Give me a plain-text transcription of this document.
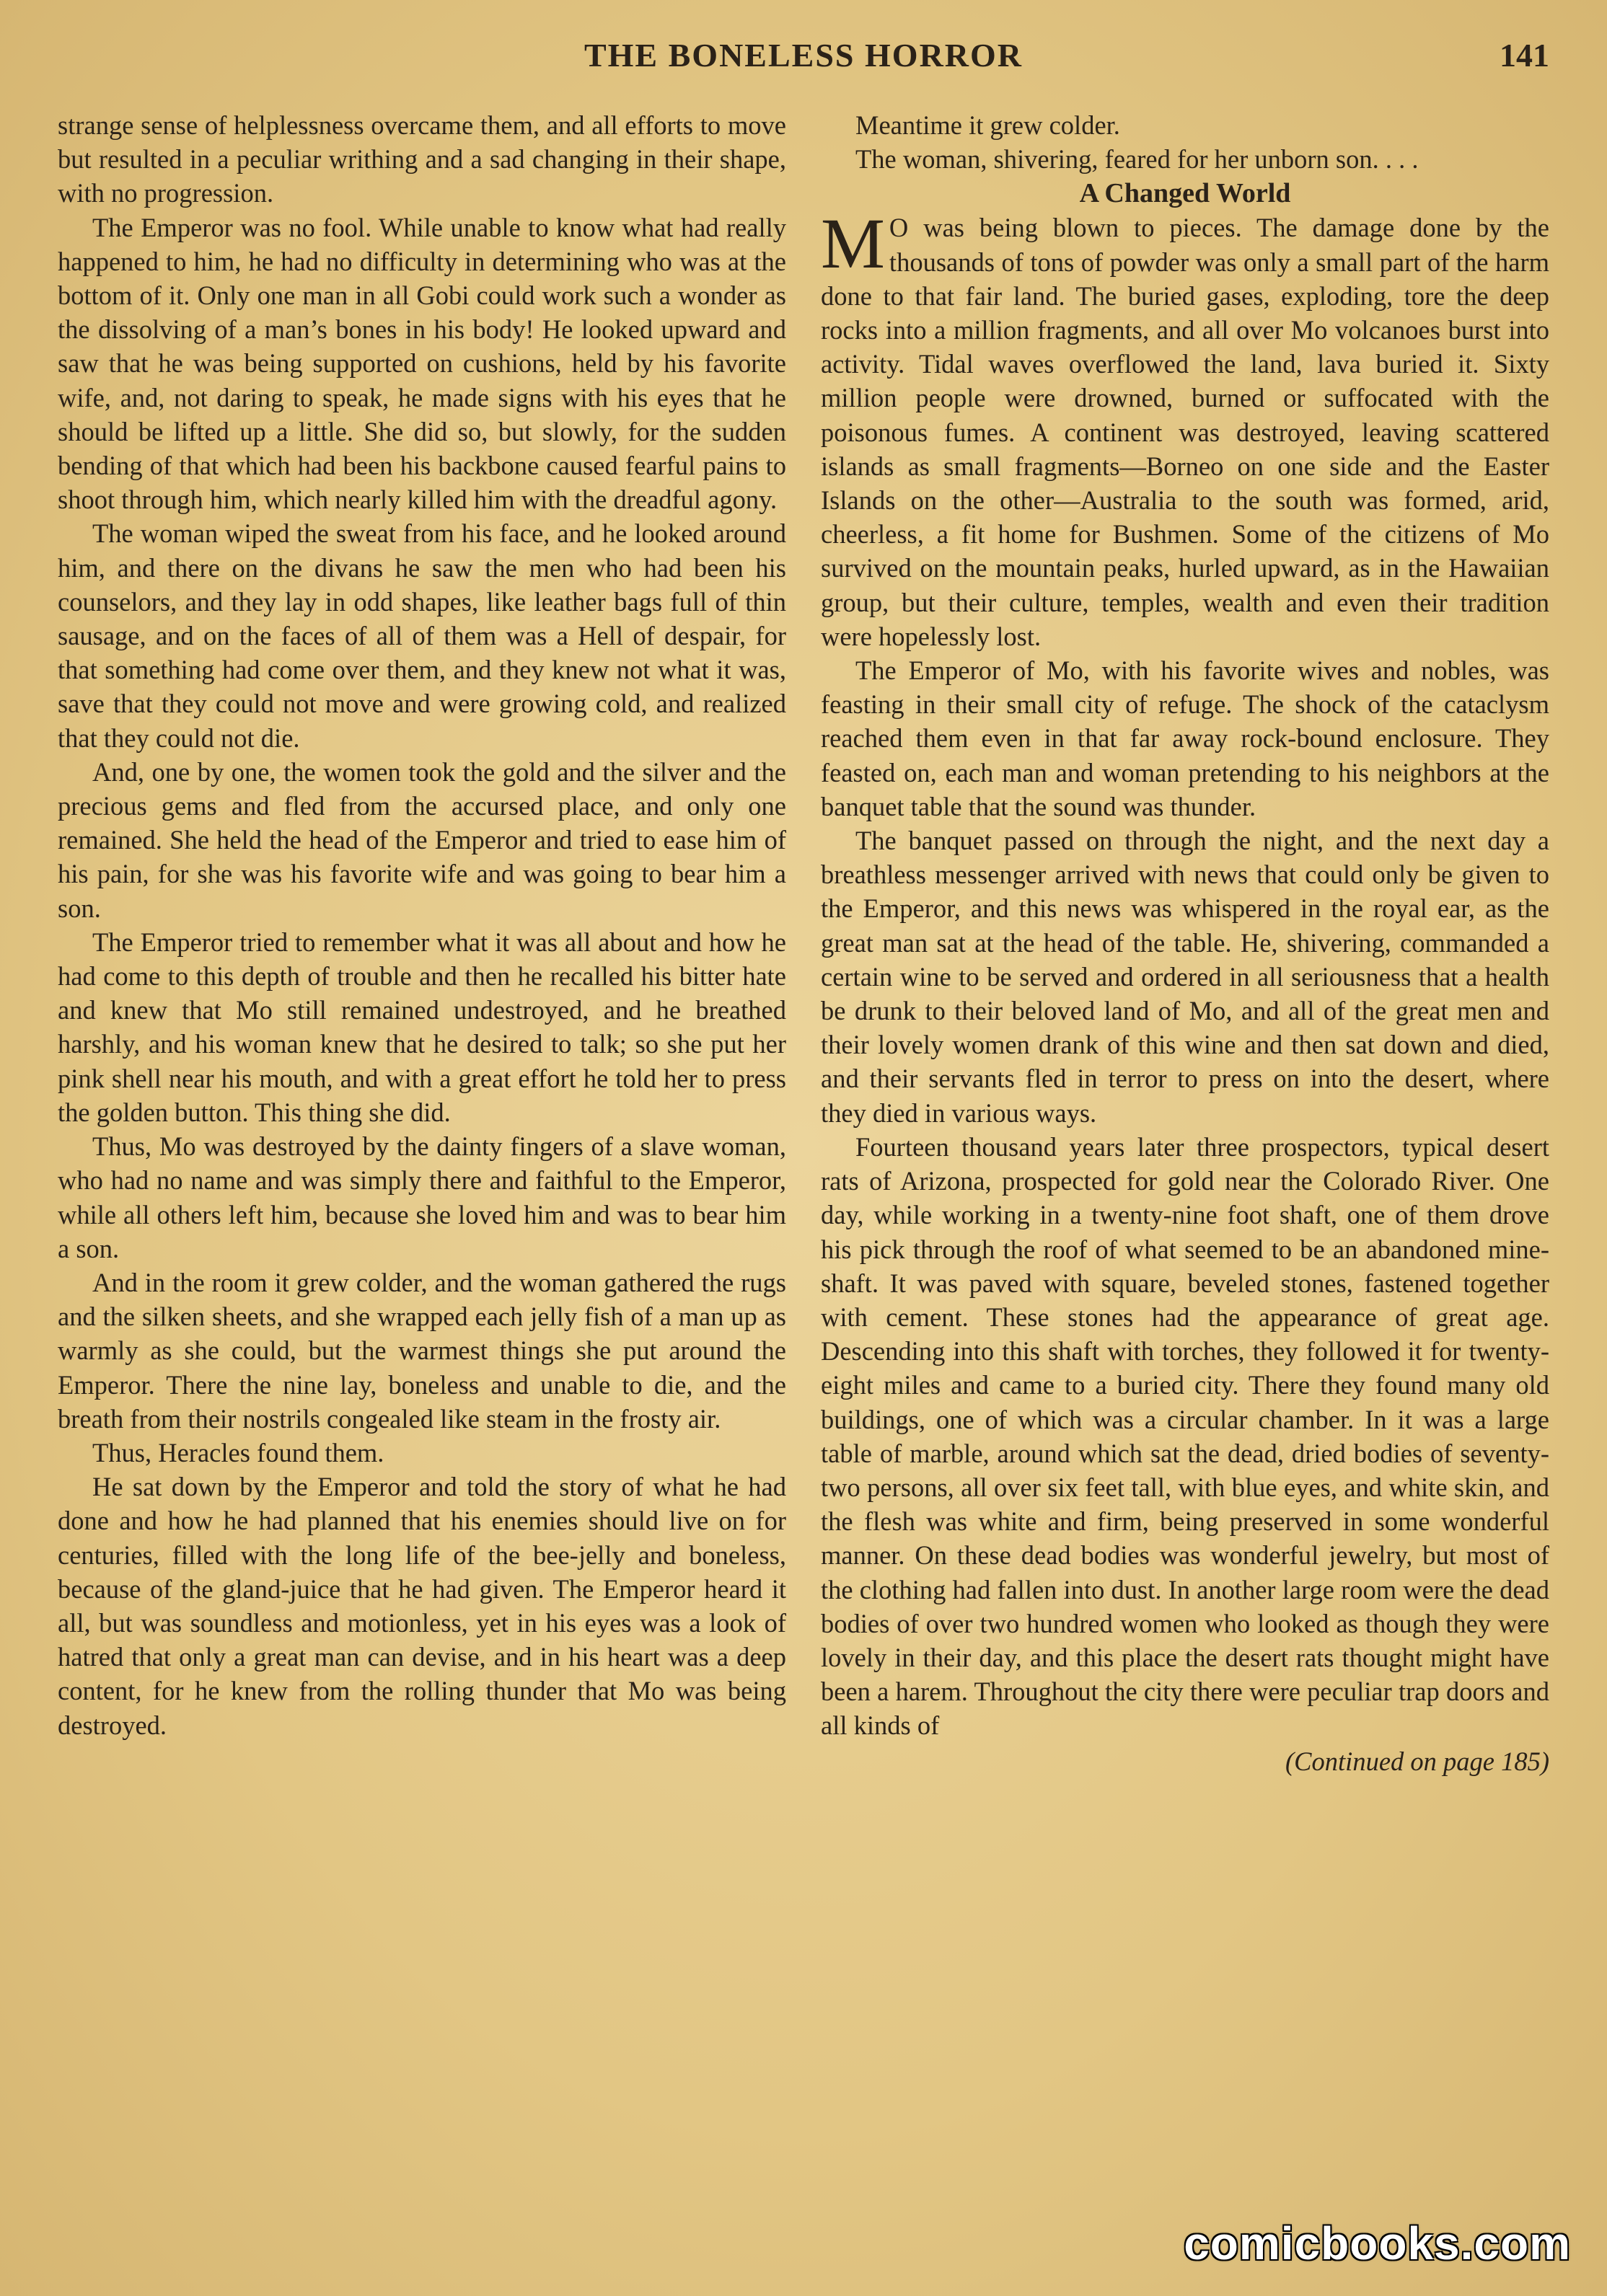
THE BONELESS HORROR	141

strange sense of helplessness overcame them, and all efforts to move but resulted in a peculiar writhing and a sad changing in their shape, with no progression.

The Emperor was no fool. While unable to know what had really happened to him, he had no difficulty in determining who was at the bottom of it. Only one man in all Gobi could work such a wonder as the dissolving of a man’s bones in his body! He looked upward and saw that he was being supported on cushions, held by his favorite wife, and, not daring to speak, he made signs with his eyes that he should be lifted up a little. She did so, but slowly, for the sudden bending of that which had been his backbone caused fearful pains to shoot through him, which nearly killed him with the dreadful agony.

The woman wiped the sweat from his face, and he looked around him, and there on the divans he saw the men who had been his counselors, and they lay in odd shapes, like leather bags full of thin sausage, and on the faces of all of them was a Hell of despair, for that something had come over them, and they knew not what it was, save that they could not move and were growing cold, and realized that they could not die.

And, one by one, the women took the gold and the silver and the precious gems and fled from the accursed place, and only one remained. She held the head of the Emperor and tried to ease him of his pain, for she was his favorite wife and was going to bear him a son.

The Emperor tried to remember what it was all about and how he had come to this depth of trouble and then he recalled his bitter hate and knew that Mo still remained undestroyed, and he breathed harshly, and his woman knew that he desired to talk; so she put her pink shell near his mouth, and with a great effort he told her to press the golden button. This thing she did.

Thus, Mo was destroyed by the dainty fingers of a slave woman, who had no name and was simply there and faithful to the Emperor, while all others left him, because she loved him and was to bear him a son.

And in the room it grew colder, and the woman gathered the rugs and the silken sheets, and she wrapped each jelly fish of a man up as warmly as she could, but the warmest things she put around the Emperor. There the nine lay, boneless and unable to die, and the breath from their nostrils congealed like steam in the frosty air.

Thus, Heracles found them.

He sat down by the Emperor and told the story of what he had done and how he had planned that his enemies should live on for centuries, filled with the long life of the bee-jelly and boneless, because of the gland-juice that he had given. The Emperor heard it all, but was soundless and motionless, yet in his eyes was a look of hatred that only a great man can devise, and in his heart was a deep content, for he knew from the rolling thunder that Mo was being destroyed.

Meantime it grew colder.

The woman, shivering, feared for her unborn son. . . .

A Changed World

M O was being blown to pieces. The damage done by the thousands of tons of powder was only a small part of the harm done to that fair land. The buried gases, exploding, tore the deep rocks into a million fragments, and all over Mo volcanoes burst into activity. Tidal waves overflowed the land, lava buried it. Sixty million people were drowned, burned or suffocated with the poisonous fumes. A continent was destroyed, leaving scattered islands as small fragments—Borneo on one side and the Easter Islands on the other—Australia to the south was formed, arid, cheerless, a fit home for Bushmen. Some of the citizens of Mo survived on the mountain peaks, hurled upward, as in the Hawaiian group, but their culture, temples, wealth and even their tradition were hopelessly lost.

The Emperor of Mo, with his favorite wives and nobles, was feasting in their small city of refuge. The shock of the cataclysm reached them even in that far away rock-bound enclosure. They feasted on, each man and woman pretending to his neighbors at the banquet table that the sound was thunder.

The banquet passed on through the night, and the next day a breathless messenger arrived with news that could only be given to the Emperor, and this news was whispered in the royal ear, as the great man sat at the head of the table. He, shivering, commanded a certain wine to be served and ordered in all seriousness that a health be drunk to their beloved land of Mo, and all of the great men and their lovely women drank of this wine and then sat down and died, and their servants fled in terror to press on into the desert, where they died in various ways.

Fourteen thousand years later three prospectors, typical desert rats of Arizona, prospected for gold near the Colorado River. One day, while working in a twenty-nine foot shaft, one of them drove his pick through the roof of what seemed to be an abandoned mine-shaft. It was paved with square, beveled stones, fastened together with cement. These stones had the appearance of great age. Descending into this shaft with torches, they followed it for twenty-eight miles and came to a buried city. There they found many old buildings, one of which was a circular chamber. In it was a large table of marble, around which sat the dead, dried bodies of seventy-two persons, all over six feet tall, with blue eyes, and white skin, and the flesh was white and firm, being preserved in some wonderful manner. On these dead bodies was wonderful jewelry, but most of the clothing had fallen into dust. In another large room were the dead bodies of over two hundred women who looked as though they were lovely in their day, and this place the desert rats thought might have been a harem. Throughout the city there were peculiar trap doors and all kinds of

(Continued on page 185)
comicbooks.com
